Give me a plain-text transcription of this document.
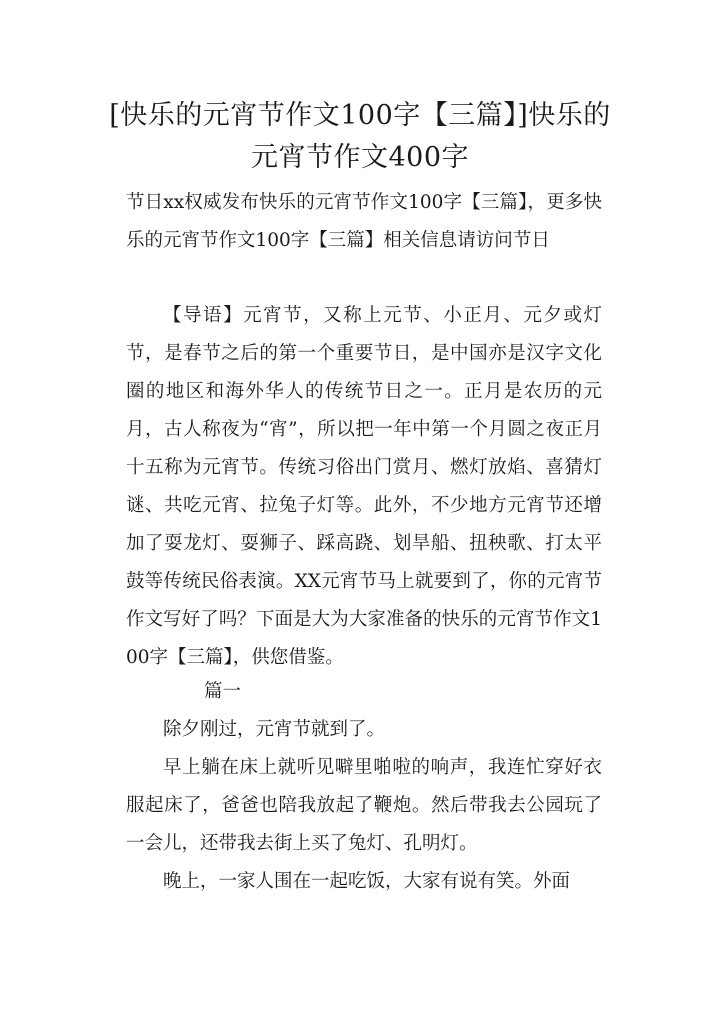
[快乐的元宵节作文100字【三篇】]快乐的元宵节作文400字

节日xx权威发布快乐的元宵节作文100字【三篇】，更多快乐的元宵节作文100字【三篇】相关信息请访问节日

【导语】元宵节，又称上元节、小正月、元夕或灯节，是春节之后的第一个重要节日，是中国亦是汉字文化圈的地区和海外华人的传统节日之一。正月是农历的元月，古人称夜为“宵”，所以把一年中第一个月圆之夜正月十五称为元宵节。传统习俗出门赏月、燃灯放焰、喜猜灯谜、共吃元宵、拉兔子灯等。此外，不少地方元宵节还增加了耍龙灯、耍狮子、踩高跷、划旱船、扭秧歌、打太平鼓等传统民俗表演。XX元宵节马上就要到了，你的元宵节作文写好了吗？下面是大为大家准备的快乐的元宵节作文100字【三篇】，供您借鉴。

篇一

除夕刚过，元宵节就到了。

早上躺在床上就听见噼里啪啦的响声，我连忙穿好衣服起床了，爸爸也陪我放起了鞭炮。然后带我去公园玩了一会儿，还带我去街上买了兔灯、孔明灯。

晚上，一家人围在一起吃饭，大家有说有笑。外面
